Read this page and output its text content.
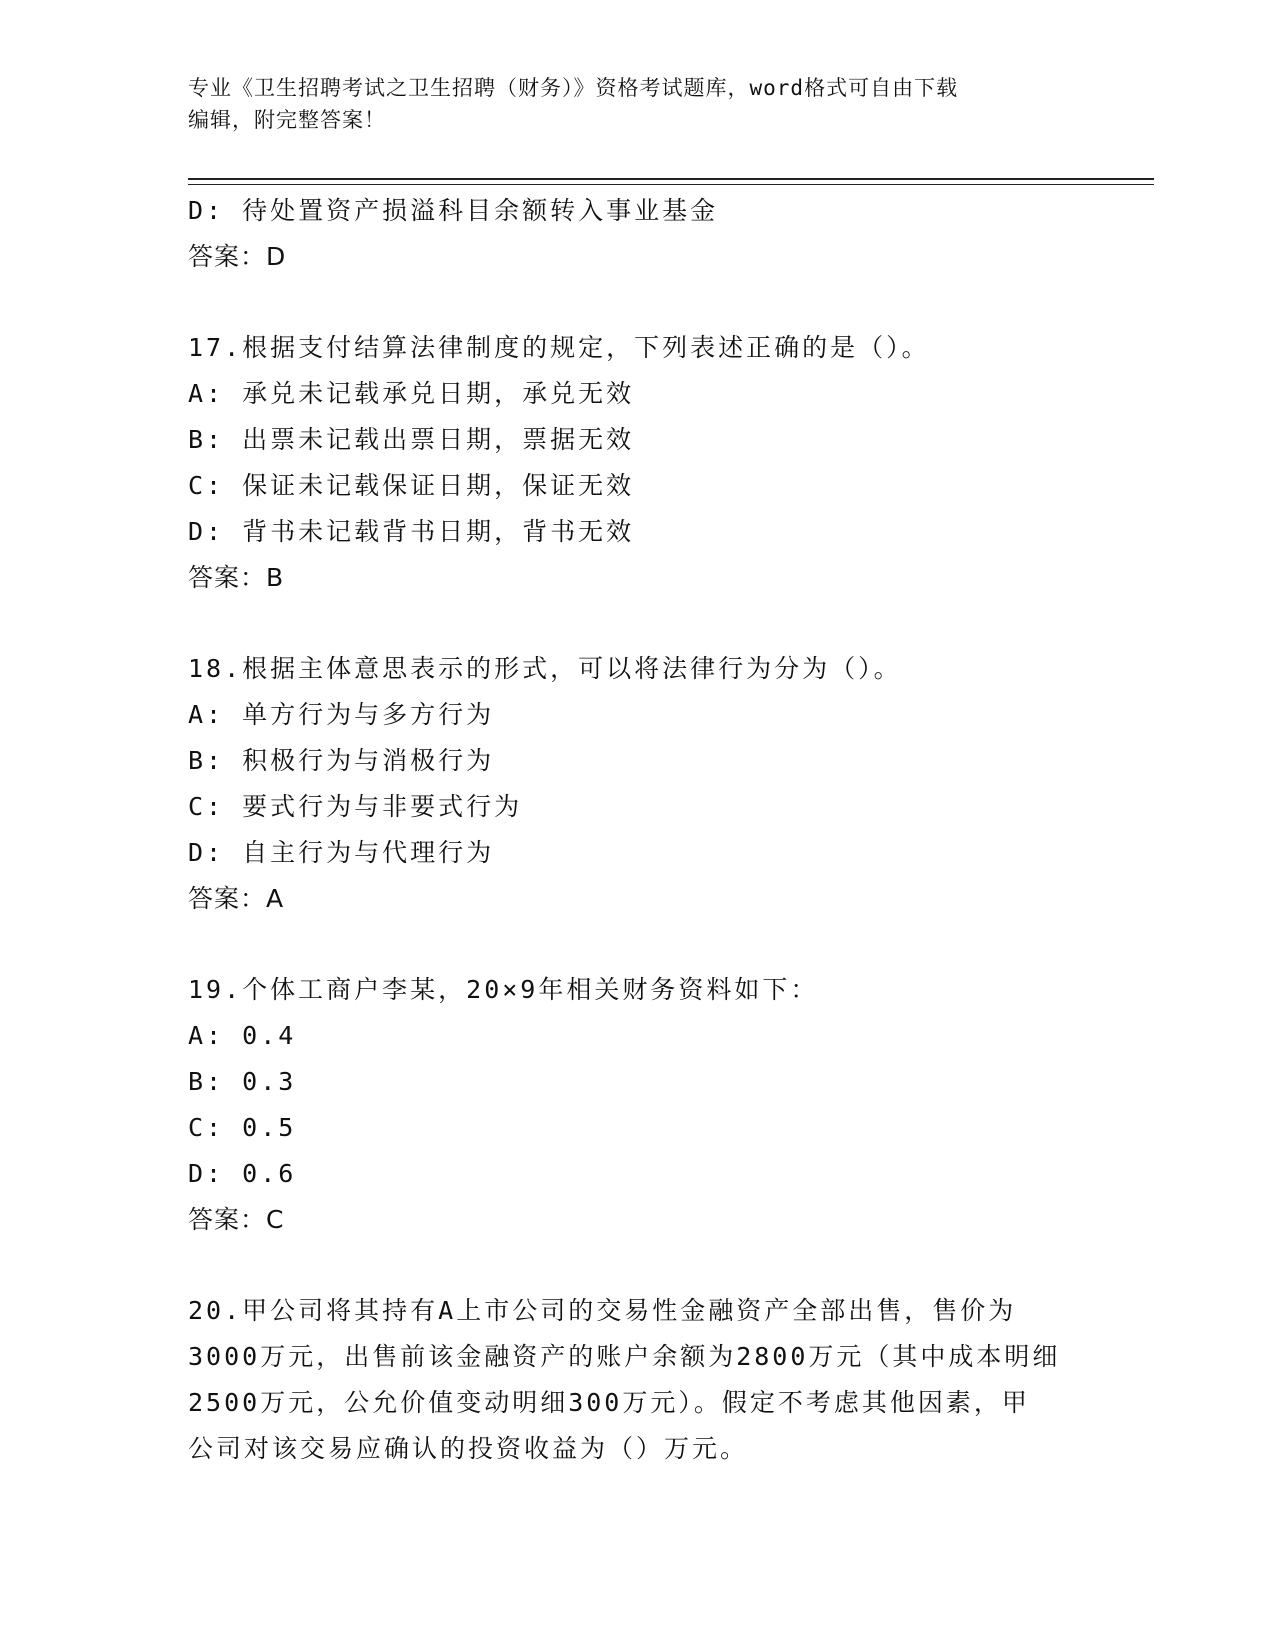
专业《卫生招聘考试之卫生招聘（财务）》资格考试题库，word格式可自由下载
编辑，附完整答案！
D: 待处置资产损溢科目余额转入事业基金
答案：D
17.根据支付结算法律制度的规定，下列表述正确的是（）。
A: 承兑未记载承兑日期，承兑无效
B: 出票未记载出票日期，票据无效
C: 保证未记载保证日期，保证无效
D: 背书未记载背书日期，背书无效
答案：B
18.根据主体意思表示的形式，可以将法律行为分为（）。
A: 单方行为与多方行为
B: 积极行为与消极行为
C: 要式行为与非要式行为
D: 自主行为与代理行为
答案：A
19.个体工商户李某，20×9年相关财务资料如下：
A: 0.4
B: 0.3
C: 0.5
D: 0.6
答案：C
20.甲公司将其持有A上市公司的交易性金融资产全部出售，售价为
3000万元，出售前该金融资产的账户余额为2800万元（其中成本明细
2500万元，公允价值变动明细300万元）。假定不考虑其他因素，甲
公司对该交易应确认的投资收益为（）万元。
